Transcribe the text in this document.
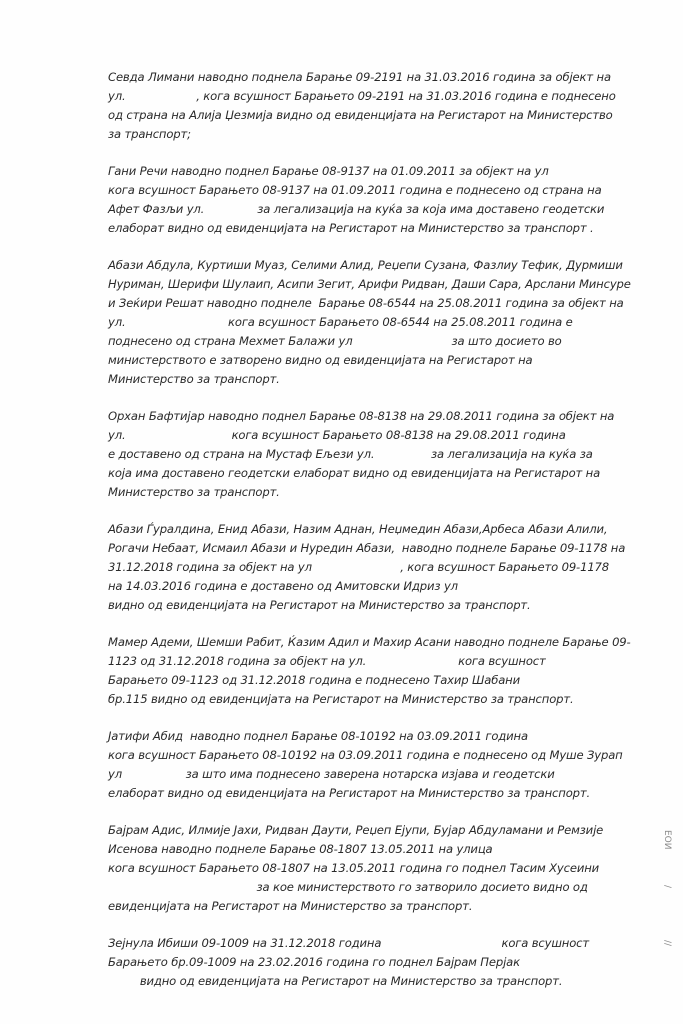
Севда Лимани наводно поднела Барање 09-2191 на 31.03.2016 година за објект на
ул.                    , кога всушност Барањето 09-2191 на 31.03.2016 година е поднесено
од страна на Алија Џезмија видно од евиденцијата на Регистарот на Министерство
за транспорт;
Гани Речи наводно поднел Барање 08-9137 на 01.09.2011 за објект на ул
кога всушност Барањето 08-9137 на 01.09.2011 година е поднесено од страна на
Афет Фазљи ул.               за легализација на куќа за која има доставено геодетски
елаборат видно од евиденцијата на Регистарот на Министерство за транспорт .
Абази Абдула, Куртиши Муаз, Селими Алид, Реџепи Сузана, Фазлиу Тефик, Дурмиши
Нуриман, Шерифи Шулаип, Асипи Зегит, Арифи Ридван, Даши Сара, Арслани Минсуре
и Зеќири Решат наводно поднеле  Барање 08-6544 на 25.08.2011 година за објект на
ул.                             кога всушност Барањето 08-6544 на 25.08.2011 година е
поднесено од страна Мехмет Балажи ул                            за што досието во
министерството е затворено видно од евиденцијата на Регистарот на
Министерство за транспорт.
Орхан Бафтијар наводно поднел Барање 08-8138 на 29.08.2011 година за објект на
ул.                              кога всушност Барањето 08-8138 на 29.08.2011 година
е доставено од страна на Мустаф Ељези ул.                за легализација на куќа за
која има доставено геодетски елаборат видно од евиденцијата на Регистарот на
Министерство за транспорт.
Абази Ѓуралдина, Енид Абази, Назим Аднан, Неџмедин Абази,Арбеса Абази Алили,
Рогачи Небаат, Исмаил Абази и Нуредин Абази,  наводно поднеле Барање 09-1178 на
31.12.2018 година за објект на ул                         , кога всушност Барањето 09-1178
на 14.03.2016 година е доставено од Амитовски Идриз ул
видно од евиденцијата на Регистарот на Министерство за транспорт.
Мамер Адеми, Шемши Рабит, Ќазим Адил и Махир Асани наводно поднеле Барање 09-
1123 од 31.12.2018 година за објект на ул.                          кога всушност
Барањето 09-1123 од 31.12.2018 година е поднесено Тахир Шабани
бр.115 видно од евиденцијата на Регистарот на Министерство за транспорт.
Јатифи Абид  наводно поднел Барање 08-10192 на 03.09.2011 година
кога всушност Барањето 08-10192 на 03.09.2011 година е поднесено од Муше Зурап
ул                  за што има поднесено заверена нотарска изјава и геодетски
елаборат видно од евиденцијата на Регистарот на Министерство за транспорт.
Бајрам Адис, Илмије Јахи, Ридван Даути, Реџеп Ејупи, Бујар Абдуламани и Ремзије
Исенова наводно поднеле Барање 08-1807 13.05.2011 на улица
кога всушност Барањето 08-1807 на 13.05.2011 година го поднел Тасим Хусеини
за кое министерството го затворило досието видно од
евиденцијата на Регистарот на Министерство за транспорт.
Зејнула Ибиши 09-1009 на 31.12.2018 година                                  кога всушност
Барањето бр.09-1009 на 23.02.2016 година го поднел Бајрам Перјак
видно од евиденцијата на Регистарот на Министерство за транспорт.
ЕОИ
/
//
